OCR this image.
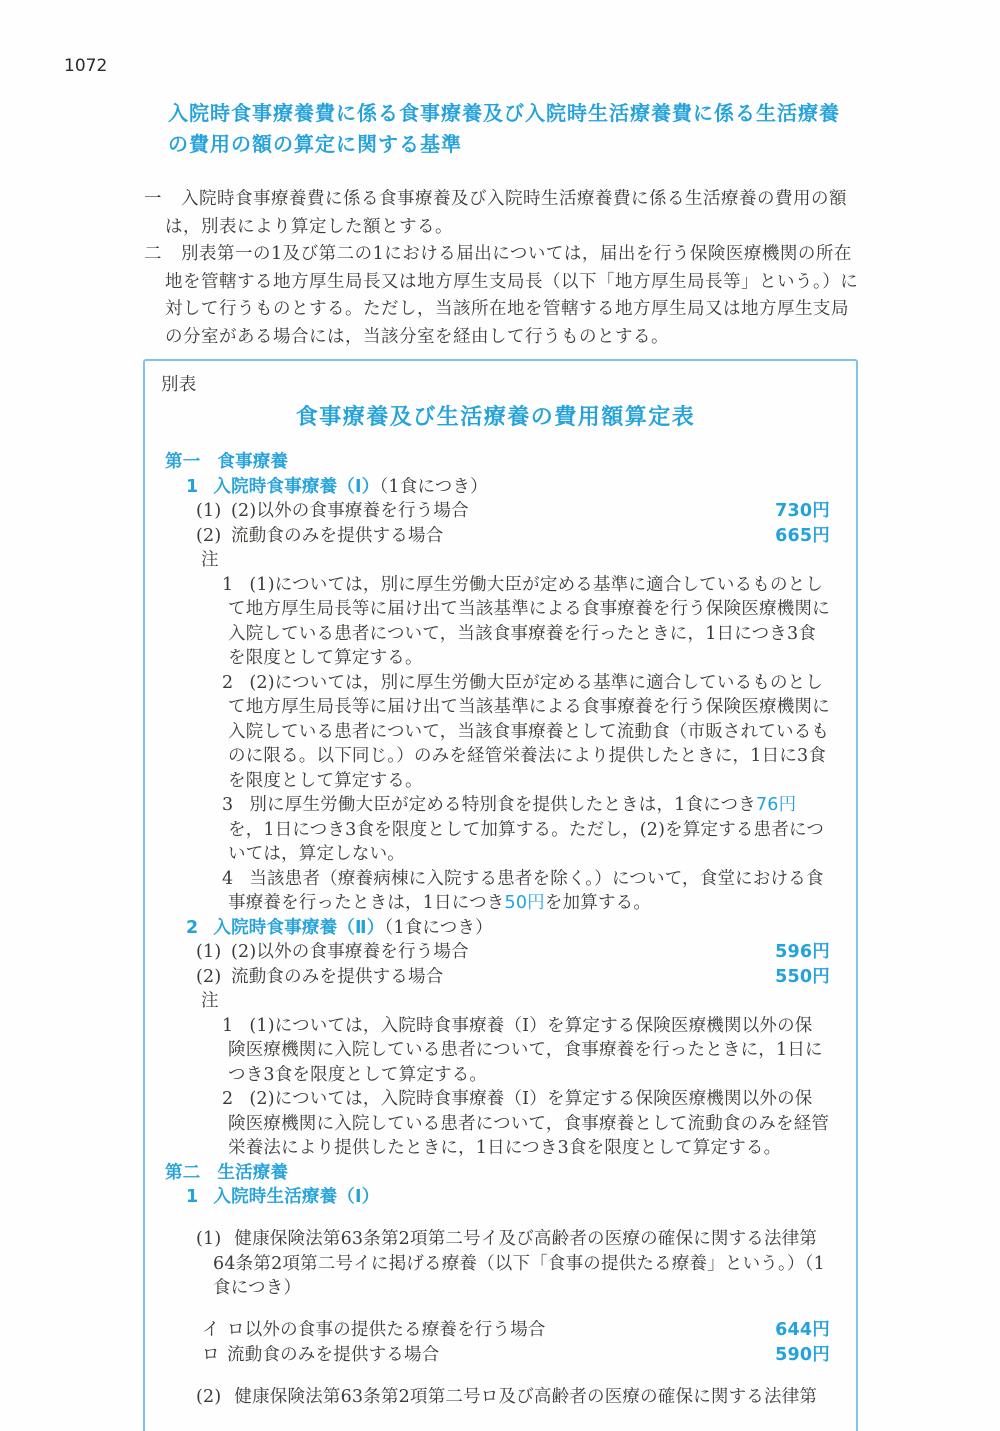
1072
入院時食事療養費に係る食事療養及び入院時生活療養費に係る生活療養の費用の額の算定に関する基準

一 入院時食事療養費に係る食事療養及び入院時生活療養費に係る生活療養の費用の額は，別表により算定した額とする。

二 別表第一の1及び第二の1における届出については，届出を行う保険医療機関の所在地を管轄する地方厚生局長又は地方厚生支局長（以下「地方厚生局長等」という。）に対して行うものとする。ただし，当該所在地を管轄する地方厚生局又は地方厚生支局の分室がある場合には，当該分室を経由して行うものとする。

別表
食事療養及び生活療養の費用額算定表
第一 食事療養
1 入院時食事療養（Ⅰ）（1食につき）
(1) (2)以外の食事療養を行う場合	730円
(2) 流動食のみを提供する場合	665円
注

1 (1)については，別に厚生労働大臣が定める基準に適合しているものとして地方厚生局長等に届け出て当該基準による食事療養を行う保険医療機関に入院している患者について，当該食事療養を行ったときに，1日につき3食を限度として算定する。

2 (2)については，別に厚生労働大臣が定める基準に適合しているものとして地方厚生局長等に届け出て当該基準による食事療養を行う保険医療機関に入院している患者について，当該食事療養として流動食（市販されているものに限る。以下同じ。）のみを経管栄養法により提供したときに，1日に3食を限度として算定する。

3 別に厚生労働大臣が定める特別食を提供したときは，1食につき76円を，1日につき3食を限度として加算する。ただし，(2)を算定する患者については，算定しない。

4 当該患者（療養病棟に入院する患者を除く。）について，食堂における食事療養を行ったときは，1日につき50円を加算する。

2 入院時食事療養（Ⅱ）（1食につき）
(1) (2)以外の食事療養を行う場合	596円
(2) 流動食のみを提供する場合	550円
注

1 (1)については，入院時食事療養（Ⅰ）を算定する保険医療機関以外の保険医療機関に入院している患者について，食事療養を行ったときに，1日につき3食を限度として算定する。

2 (2)については，入院時食事療養（Ⅰ）を算定する保険医療機関以外の保険医療機関に入院している患者について，食事療養として流動食のみを経管栄養法により提供したときに，1日につき3食を限度として算定する。

第二 生活療養
1 入院時生活療養（Ⅰ）

(1) 健康保険法第63条第2項第二号イ及び高齢者の医療の確保に関する法律第64条第2項第二号イに掲げる療養（以下「食事の提供たる療養」という。）（1食につき）

イ ロ以外の食事の提供たる療養を行う場合	644円
ロ 流動食のみを提供する場合	590円

(2) 健康保険法第63条第2項第二号ロ及び高齢者の医療の確保に関する法律第
